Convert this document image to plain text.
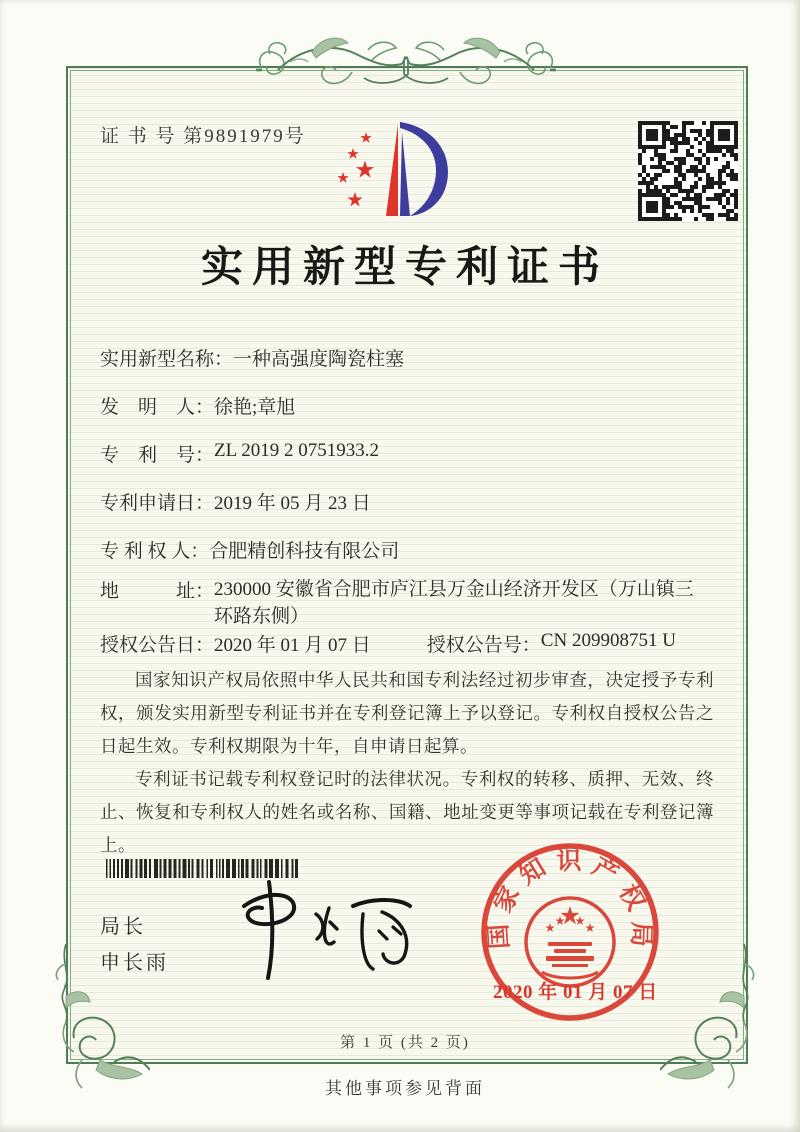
证 书 号 第9891979号
实用新型专利证书
实用新型名称： 一种高强度陶瓷柱塞
发　明　人： 徐艳;章旭
专　利　号： ZL 2019 2 0751933.2
专利申请日： 2019 年 05 月 23 日
专 利 权 人： 合肥精创科技有限公司
地　　　址： 230000 安徽省合肥市庐江县万金山经济开发区（万山镇三环路东侧）
授权公告日： 2020 年 01 月 07 日	授权公告号： CN 209908751 U

国家知识产权局依照中华人民共和国专利法经过初步审查，决定授予专利权，颁发实用新型专利证书并在专利登记簿上予以登记。专利权自授权公告之日起生效。专利权期限为十年，自申请日起算。

专利证书记载专利权登记时的法律状况。专利权的转移、质押、无效、终止、恢复和专利权人的姓名或名称、国籍、地址变更等事项记载在专利登记簿上。

局长
申长雨
国家知识产权局
2020 年 01 月 07 日
第 1 页 (共 2 页)
其他事项参见背面
